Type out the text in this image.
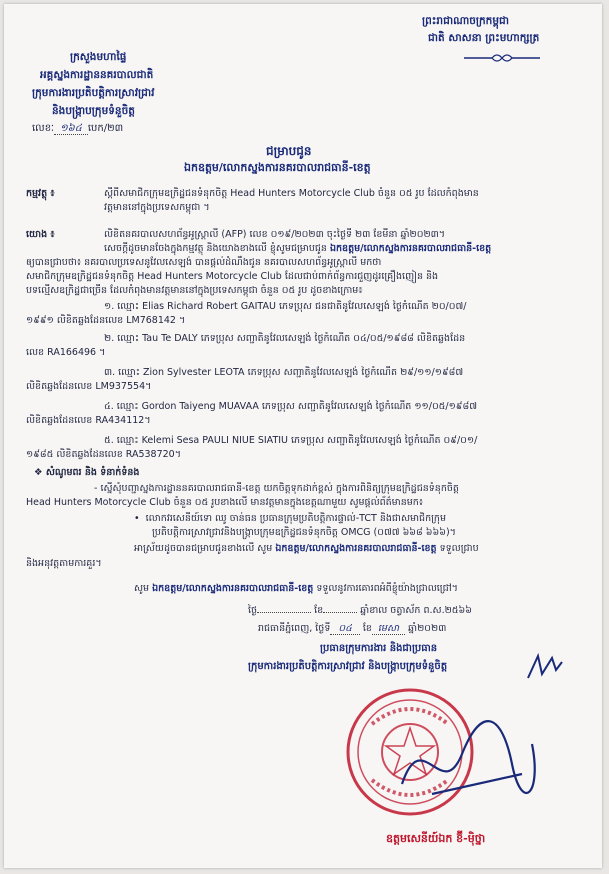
ព្រះរាជាណាចក្រកម្ពុជា
ជាតិ សាសនា ព្រះមហាក្សត្រ
ក្រសួងមហាផ្ទៃ
អគ្គស្នងការដ្ឋាននគរបាលជាតិ
ក្រុមការងារប្រតិបត្តិការស្រាវជ្រាវ
និងបង្ក្រាបក្រុមទំនួចិត្ត
លេខៈ ១៦៤ បេក/២៣
ជម្រាបជូន
ឯកឧត្តម/លោកស្នងការនគរបាលរាជធានី-ខេត្ត
កម្មវត្ថុ ៖	ស្តីពីសមាជិកក្រុមឧក្រិដ្ឋជនទំនុកចិត្ត Head Hunters Motorcycle Club ចំនួន ០៥ រូប ដែលកំពុងមាន
វត្តមាននៅក្នុងប្រទេសកម្ពុជា ។
យោង ៖	លិខិតនគរបាលសហព័ន្ធអូស្ត្រាលី (AFP) លេខ ០១៩/២០២៣ ចុះថ្ងៃទី ២៣ ខែមីនា ឆ្នាំ២០២៣។
សេចក្តីដូចមានចែងក្នុងកម្មវត្ថុ និងយោងខាងលើ ខ្ញុំសូមជម្រាបជូន ឯកឧត្តម/លោកស្នងការនគរបាលរាជធានី-ខេត្ត
ឲ្យបានជ្រាបថា៖ នគរបាលប្រទេសនូវែលសេឡង់ បានផ្តល់ដំណឹងជូន នគរបាលសហព័ន្ធអូស្ត្រាលី មកថា
សមាជិកក្រុមឧក្រិដ្ឋជនទំនុកចិត្ត Head Hunters Motorcycle Club ដែលជាប់ពាក់ព័ន្ធការជួញដូរគ្រឿងញៀន និង
បទល្មើសឧក្រិដ្ឋជាច្រើន ដែលកំពុងមានវត្តមាននៅក្នុងប្រទេសកម្ពុជា ចំនួន ០៥ រូប ដូចខាងក្រោម៖
១. ឈ្មោះ Elias Richard Robert GAITAU ភេទប្រុស ជនជាតិនូវែលសេឡង់ ថ្ងៃកំណើត ២០/០៧/
១៩៩១ លិខិតឆ្លងដែនលេខ LM768142 ។
២. ឈ្មោះ Tau Te DALY ភេទប្រុស សញ្ជាតិនូវែលសេឡង់ ថ្ងៃកំណើត ០៤/០៥/១៩៨៨ លិខិតឆ្លងដែន
លេខ RA166496 ។
៣. ឈ្មោះ Zion Sylvester LEOTA ភេទប្រុស សញ្ជាតិនូវែលសេឡង់ ថ្ងៃកំណើត ២៩/១១/១៩៨៧
លិខិតឆ្លងដែនលេខ LM937554។
៤. ឈ្មោះ Gordon Taiyeng MUAVAA ភេទប្រុស សញ្ជាតិនូវែលសេឡង់ ថ្ងៃកំណើត ១១/០៥/១៩៨៧
លិខិតឆ្លងដែនលេខ RA434112។
៥. ឈ្មោះ Kelemi Sesa PAULI NIUE SIATIU ភេទប្រុស សញ្ជាតិនូវែលសេឡង់ ថ្ងៃកំណើត ០៩/០១/
១៩៨៥ លិខិតឆ្លងដែនលេខ RA538720។
❖ សំណូមពរ និង ទំនាក់ទំនង
- ស្នើសុំបញ្ជាស្នងការដ្ឋាននគរបាលរាជធានី-ខេត្ត យកចិត្តទុកដាក់ខ្ពស់ ក្នុងការពិនិត្យក្រុមឧក្រិដ្ឋជនទំនុកចិត្ត
Head Hunters Motorcycle Club ចំនួន ០៥ រូបខាងលើ មានវត្តមានក្នុងខេត្តណាមួយ សូមផ្តល់ព័ត៌មានមក៖
•  លោកវរសេនីយ៍ទោ ឈូ ចាន់ធន ប្រធានក្រុមប្រតិបត្តិការផ្ទាល់-TCT និងជាសមាជិកក្រុម
ប្រតិបត្តិការស្រាវជ្រាវនិងបង្ក្រាបក្រុមឧក្រិដ្ឋជនទំនុកចិត្ត OMCG (០៧៧ ៦៦៨ ៦៦៦)។
អាស្រ័យដូចបានជម្រាបជូនខាងលើ សូម ឯកឧត្តម/លោកស្នងការនគរបាលរាជធានី-ខេត្ត ទទួលជ្រាប
និងអនុវត្តតាមការគួរ។
សូម ឯកឧត្តម/លោកស្នងការនគរបាលរាជធានី-ខេត្ត ទទួលនូវការគោរពអំពីខ្ញុំយ៉ាងជ្រាលជ្រៅ។
ថ្ងៃ	ខែ	ឆ្នាំខាល ចត្វាស័ក ព.ស.២៥៦៦
រាជធានីភ្នំពេញ, ថ្ងៃទី ០៤ ខែ មេសា ឆ្នាំ២០២៣
ប្រធានក្រុមការងារ និងជាប្រធាន
ក្រុមការងារប្រតិបត្តិការស្រាវជ្រាវ និងបង្ក្រាបក្រុមទំនួចិត្ត
ឧត្តមសេនីយ៍ឯក ខ៊ី-ម៉ិថ្នា
